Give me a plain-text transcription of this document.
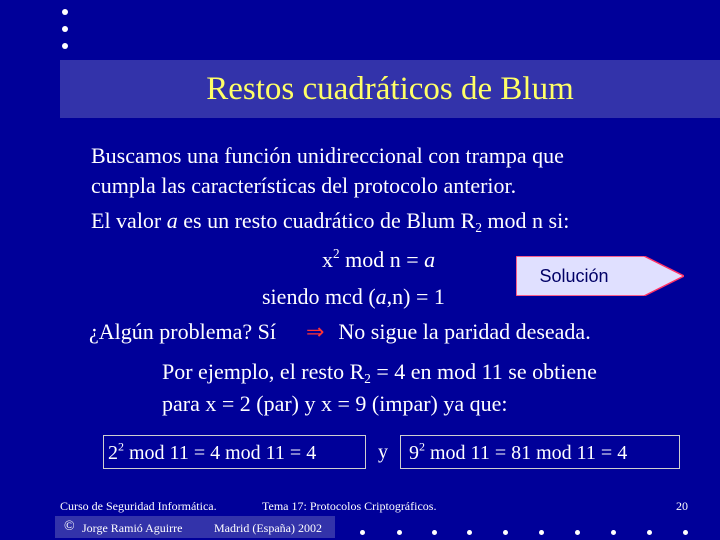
Restos cuadráticos de Blum
Buscamos una función unidireccional con trampa que
cumpla las características del protocolo anterior.
El valor a es un resto cuadrático de Blum $R_2$ mod n si:
$x^2$ mod n = a
siendo mcd (a,n) = 1
Solución
¿Algún problema? Sí ⇒ No sigue la paridad deseada.
Por ejemplo, el resto $R_2 = 4$ en mod 11 se obtiene
para x = 2 (par) y x = 9 (impar) ya que:
$2^2$ mod 11 = 4 mod 11 = 4	y	$9^2$ mod 11 = 81 mod 11 = 4
Curso de Seguridad Informática.	Tema 17: Protocolos Criptográficos.	20
© Jorge Ramió Aguirre	Madrid (España) 2002
